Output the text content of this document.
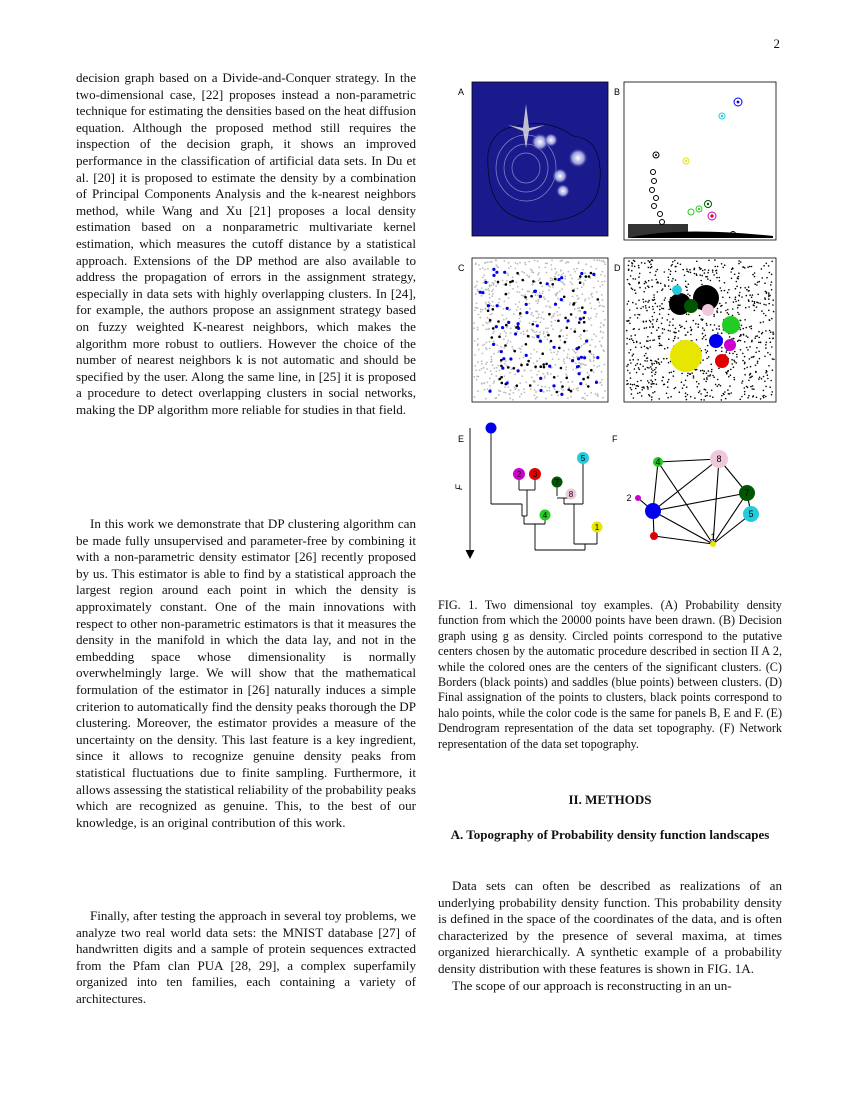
2

decision graph based on a Divide-and-Conquer strategy. In the two-dimensional case, [22] proposes instead a non-parametric technique for estimating the densities based on the heat diffusion equation. Although the proposed method still requires the inspection of the decision graph, it shows an improved performance in the classification of artificial data sets. In Du et al. [20] it is proposed to estimate the density by a combination of Principal Components Analysis and the k-nearest neighbors method, while Wang and Xu [21] proposes a local density estimation based on a nonparametric multivariate kernel estimation, which measures the cutoff distance by a statistical approach. Extensions of the DP method are also available to address the propagation of errors in the assignment strategy, especially in data sets with highly overlapping clusters. In [24], for example, the authors propose an assignment strategy based on fuzzy weighted K-nearest neighbors, which makes the algorithm more robust to outliers. However the choice of the number of nearest neighbors k is not automatic and should be specified by the user. Along the same line, in [25] it is proposed a procedure to detect overlapping clusters in social networks, making the DP algorithm more reliable for studies in that field.

In this work we demonstrate that DP clustering algorithm can be made fully unsupervised and parameter-free by combining it with a non-parametric density estimator [26] recently proposed by us. This estimator is able to find by a statistical approach the largest region around each point in which the density is approximately constant. One of the main innovations with respect to other non-parametric estimators is that it measures the density in the manifold in which the data lay, and not in the embedding space whose dimensionality is normally overwhelmingly large. We will show that the mathematical formulation of the estimator in [26] naturally induces a simple criterion to automatically find the density peaks thorough the DP clustering. Moreover, the estimator provides a measure of the uncertainty on the density. This last feature is a key ingredient, since it allows to recognize genuine density peaks from statistical fluctuations due to finite sampling. Furthermore, it allows assessing the statistical reliability of the probability peaks which are recognized as genuine. This, to the best of our knowledge, is an original contribution of this work.

Finally, after testing the approach in several toy problems, we analyze two real world data sets: the MNIST database [27] of handwritten digits and a sample of protein sequences extracted from the Pfam clan PUA [28, 29], a complex superfamily organized into ten families, each containing a variety of architectures.

A	B
C	D
E
F
5
2 3
7
8
4
1
F
4	8
2	7
5
1
FIG. 1. Two dimensional toy examples. (A) Probability density function from which the 20000 points have been drawn. (B) Decision graph using g as density. Circled points correspond to the putative centers chosen by the automatic procedure described in section II A 2, while the colored ones are the centers of the significant clusters. (C) Borders (black points) and saddles (blue points) between clusters. (D) Final assignation of the points to clusters, black points correspond to halo points, while the color code is the same for panels B, E and F. (E) Dendrogram representation of the data set topography. (F) Network representation of the data set topography.
II. METHODS
A. Topography of Probability density function landscapes

Data sets can often be described as realizations of an underlying probability density function. This probability density is defined in the space of the coordinates of the data, and is often characterized by the presence of several maxima, at times organized hierarchically. A synthetic example of a probability density distribution with these features is shown in FIG. 1A.

The scope of our approach is reconstructing in an un-
